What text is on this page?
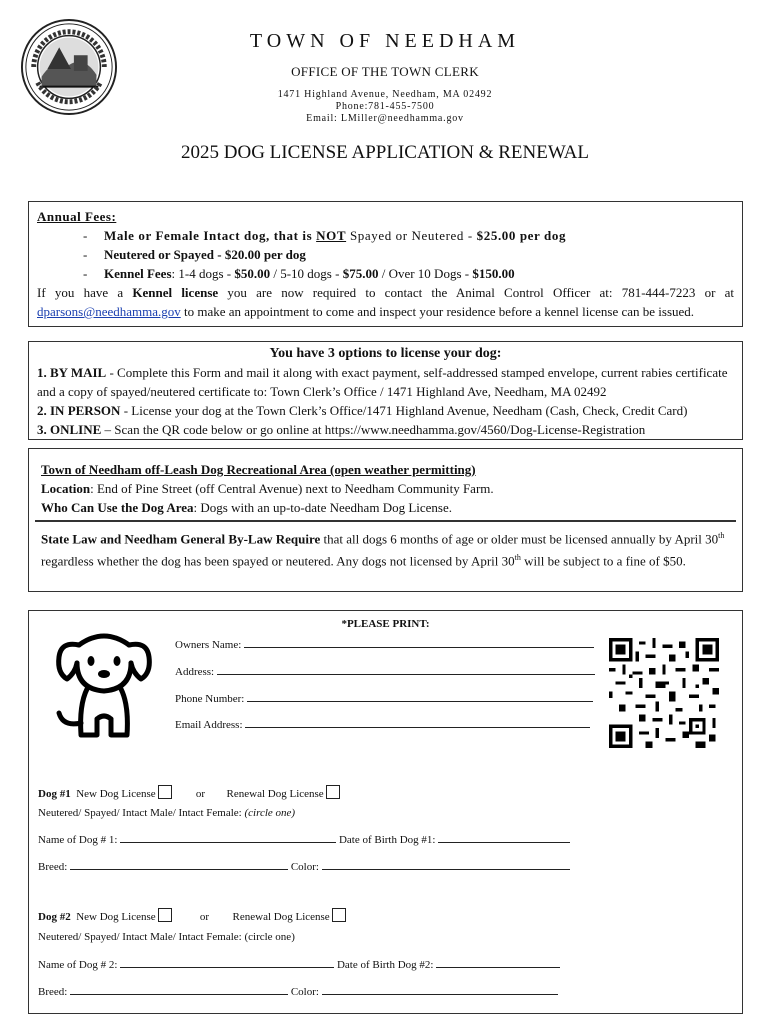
TOWN OF NEEDHAM
OFFICE OF THE TOWN CLERK
1471 Highland Avenue, Needham, MA 02492
Phone:781-455-7500
Email: LMiller@needhamma.gov
2025 DOG LICENSE APPLICATION & RENEWAL
Annual Fees:
-	Male or Female Intact dog, that is NOT Spayed or Neutered - $25.00 per dog
-	Neutered or Spayed - $20.00 per dog
-	Kennel Fees: 1-4 dogs - $50.00 / 5-10 dogs - $75.00 / Over 10 Dogs - $150.00
If you have a Kennel license you are now required to contact the Animal Control Officer at: 781-444-7223 or at dparsons@needhamma.gov to make an appointment to come and inspect your residence before a kennel license can be issued.
You have 3 options to license your dog:
1. BY MAIL - Complete this Form and mail it along with exact payment, self-addressed stamped envelope, current rabies certificate and a copy of spayed/neutered certificate to: Town Clerk’s Office / 1471 Highland Ave, Needham, MA 02492
2. IN PERSON - License your dog at the Town Clerk’s Office/1471 Highland Avenue, Needham (Cash, Check, Credit Card)
3. ONLINE – Scan the QR code below or go online at https://www.needhamma.gov/4560/Dog-License-Registration
Town of Needham off-Leash Dog Recreational Area (open weather permitting)
Location: End of Pine Street (off Central Avenue) next to Needham Community Farm.
Who Can Use the Dog Area: Dogs with an up-to-date Needham Dog License.
State Law and Needham General By-Law Require that all dogs 6 months of age or older must be licensed annually by April 30th regardless whether the dog has been spayed or neutered. Any dogs not licensed by April 30th will be subject to a fine of $50.
*PLEASE PRINT:
Owners Name:
Address:
Phone Number:
Email Address:
Dog #1 New Dog License	or Renewal Dog License
Neutered/ Spayed/ Intact Male/ Intact Female: (circle one)
Name of Dog # 1:	Date of Birth Dog #1:
Breed:	Color:
Dog #2 New Dog License	or Renewal Dog License
Neutered/ Spayed/ Intact Male/ Intact Female: (circle one)
Name of Dog # 2:	Date of Birth Dog #2:
Breed:	Color:
